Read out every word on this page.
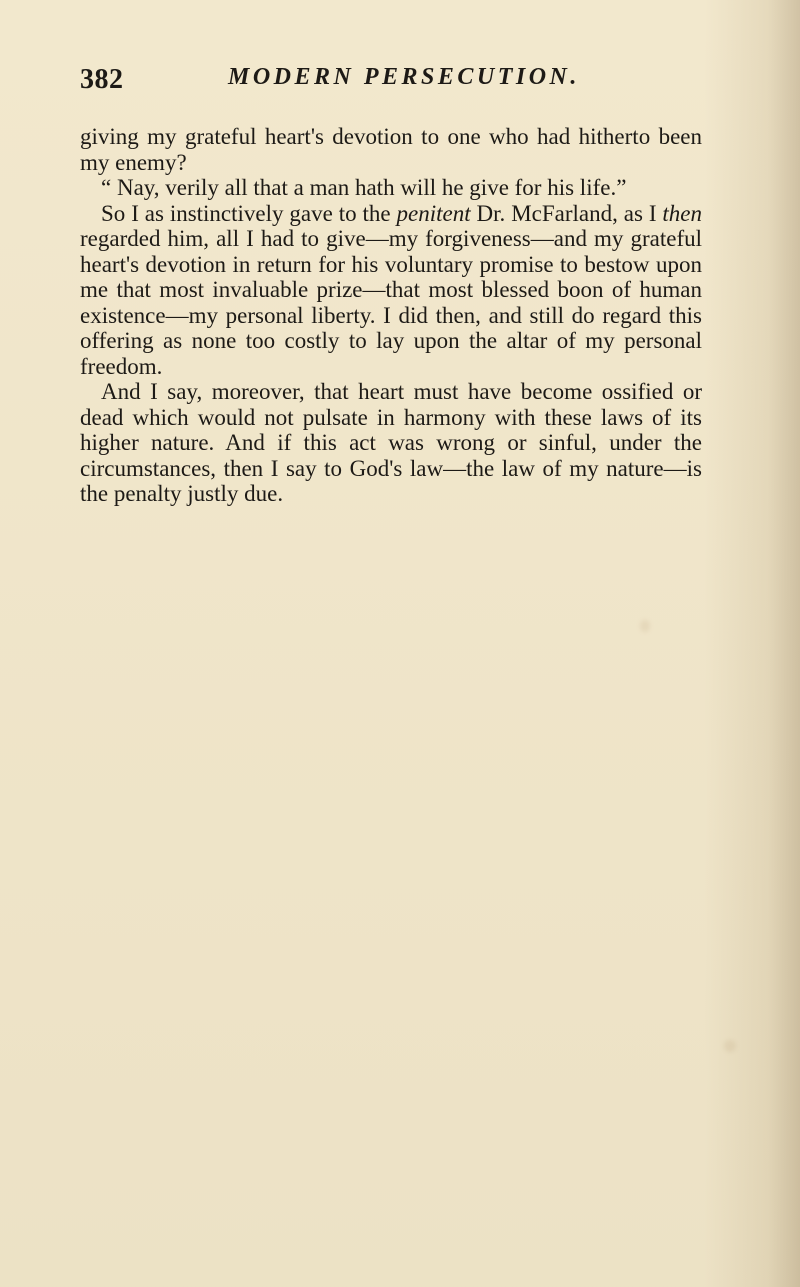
382	MODERN PERSECUTION.

giving my grateful heart's devotion to one who had hitherto been my enemy?

“ Nay, verily all that a man hath will he give for his life.”

So I as instinctively gave to the penitent Dr. McFarland, as I then regarded him, all I had to give—my forgiveness—and my grateful heart's devotion in return for his voluntary promise to bestow upon me that most invaluable prize—that most blessed boon of human existence—my personal liberty. I did then, and still do regard this offering as none too costly to lay upon the altar of my personal freedom.

And I say, moreover, that heart must have become ossified or dead which would not pulsate in harmony with these laws of its higher nature. And if this act was wrong or sinful, under the circumstances, then I say to God's law—the law of my nature—is the penalty justly due.
